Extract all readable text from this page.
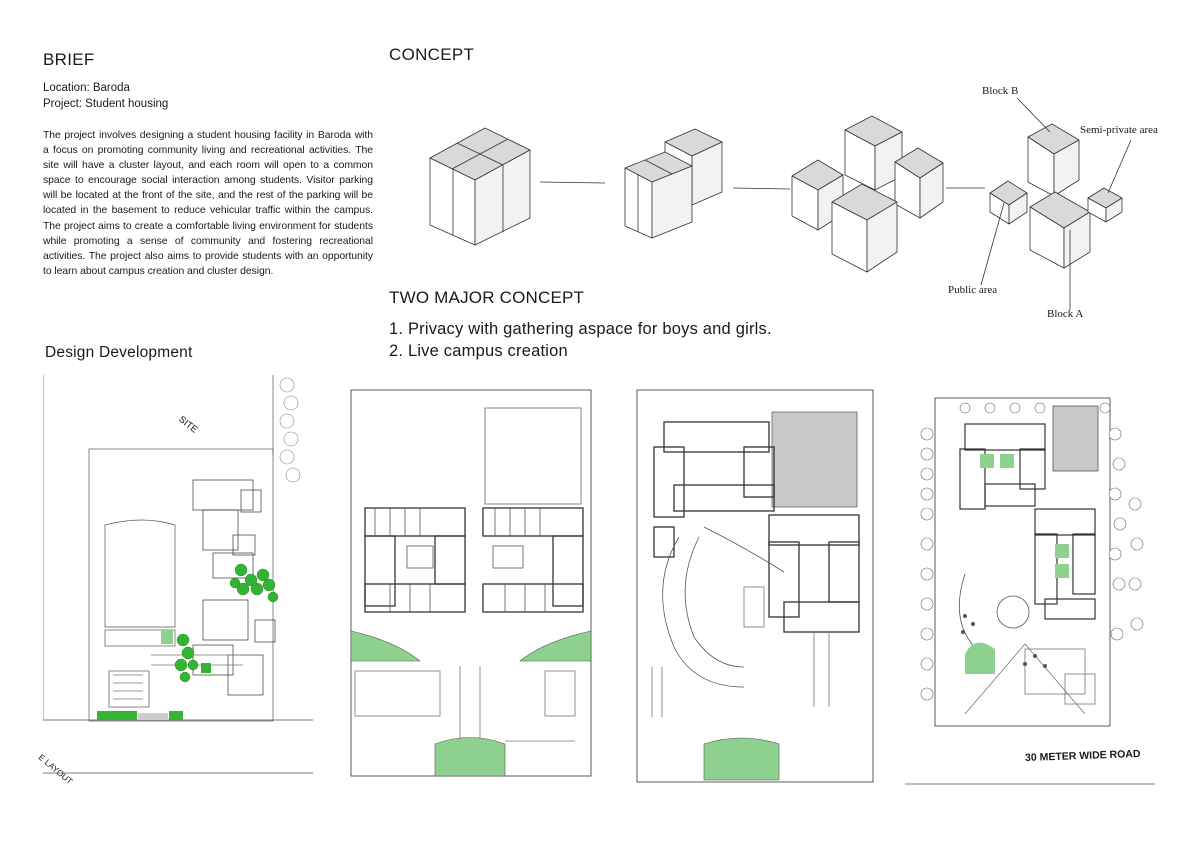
BRIEF
Location: Baroda
Project: Student housing
The project involves designing a student housing facility in Baroda with a focus on promoting community living and recreational activities. The site will have a cluster layout, and each room will open to a common space to encourage social interaction among students. Visitor parking will be located at the front of the site, and the rest of the parking will be located in the basement to reduce vehicular traffic within the campus. The project aims to create a comfortable living environment for students while promoting a sense of community and fostering recreational activities. The project also aims to provide students with an opportunity to learn about campus creation and cluster design.
CONCEPT
Block B
Semi-private area
Public area
Block A
TWO MAJOR CONCEPT
1. Privacy with gathering aspace for boys and girls.
2. Live campus creation
Design Development
SITE
E LAYOUT	30 METER WIDE ROAD
